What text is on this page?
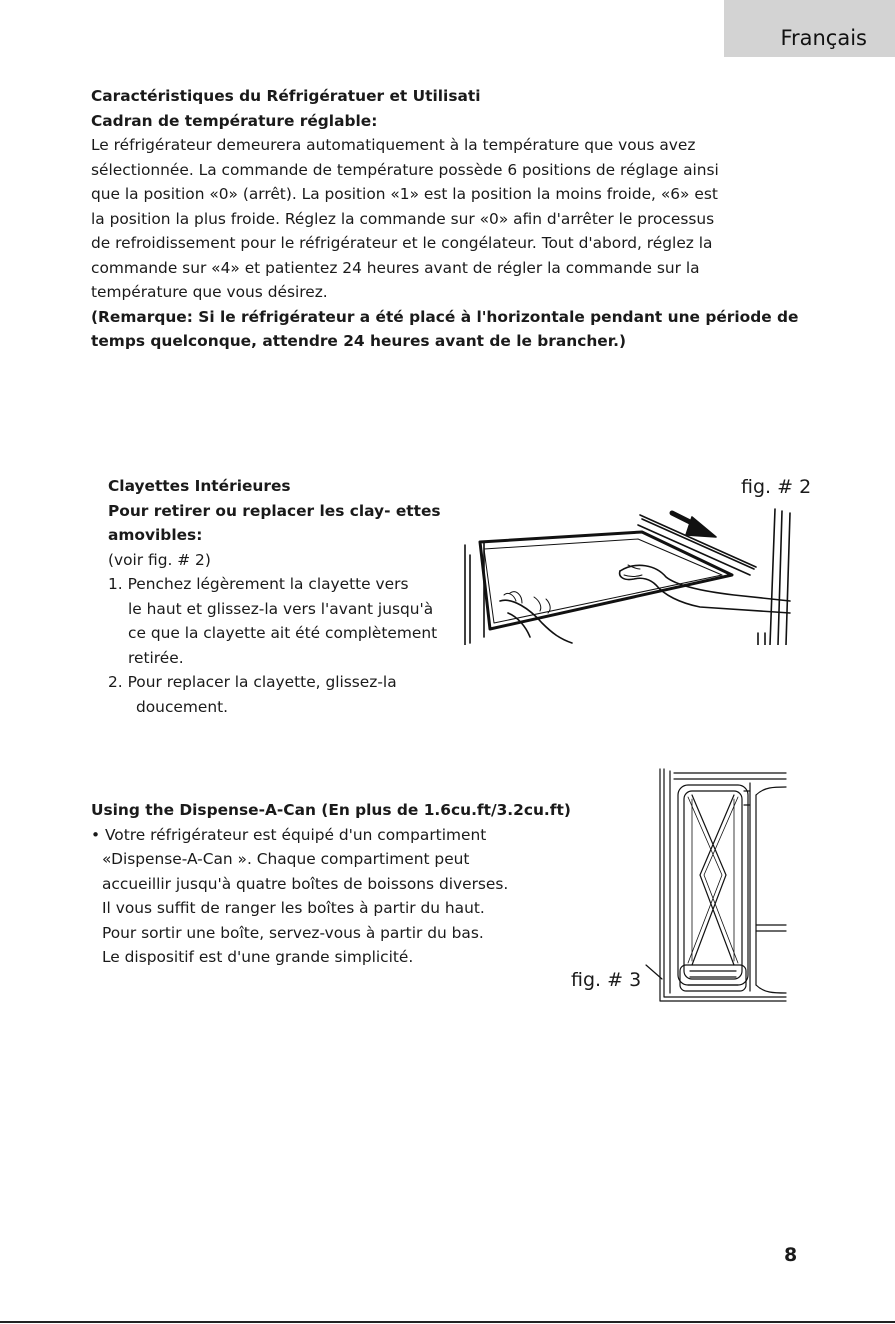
Français
Caractéristiques du Réfrigératuer et Utilisati
Cadran de température réglable:
Le réfrigérateur demeurera automatiquement à la température que vous avez
sélectionnée. La commande de température possède 6 positions de réglage ainsi
que la position «0» (arrêt). La position «1» est la position la moins froide, «6» est
la position la plus froide. Réglez la commande sur «0» afin d'arrêter le processus
de refroidissement pour le réfrigérateur et le congélateur. Tout d'abord, réglez la
commande sur «4» et patientez 24 heures avant de régler la commande sur la
température que vous désirez.
(Remarque: Si le réfrigérateur a été placé à l'horizontale pendant une période de
temps quelconque, attendre 24 heures avant de le brancher.)
Clayettes Intérieures
Pour retirer ou replacer les clay- ettes
amovibles:
(voir fig. # 2)
1. Penchez légèrement la clayette vers
le haut et glissez-la vers l'avant jusqu'à
ce que la clayette ait été complètement
retirée.
2. Pour replacer la clayette, glissez-la
doucement.
fig. # 2
Using the Dispense-A-Can (En plus de 1.6cu.ft/3.2cu.ft)
• Votre réfrigérateur est équipé d'un compartiment
«Dispense-A-Can ». Chaque compartiment peut
accueillir jusqu'à quatre boîtes de boissons diverses.
Il vous suffit de ranger les boîtes à partir du haut.
Pour sortir une boîte, servez-vous à partir du bas.
Le dispositif est d'une grande simplicité.
fig. # 3
8
